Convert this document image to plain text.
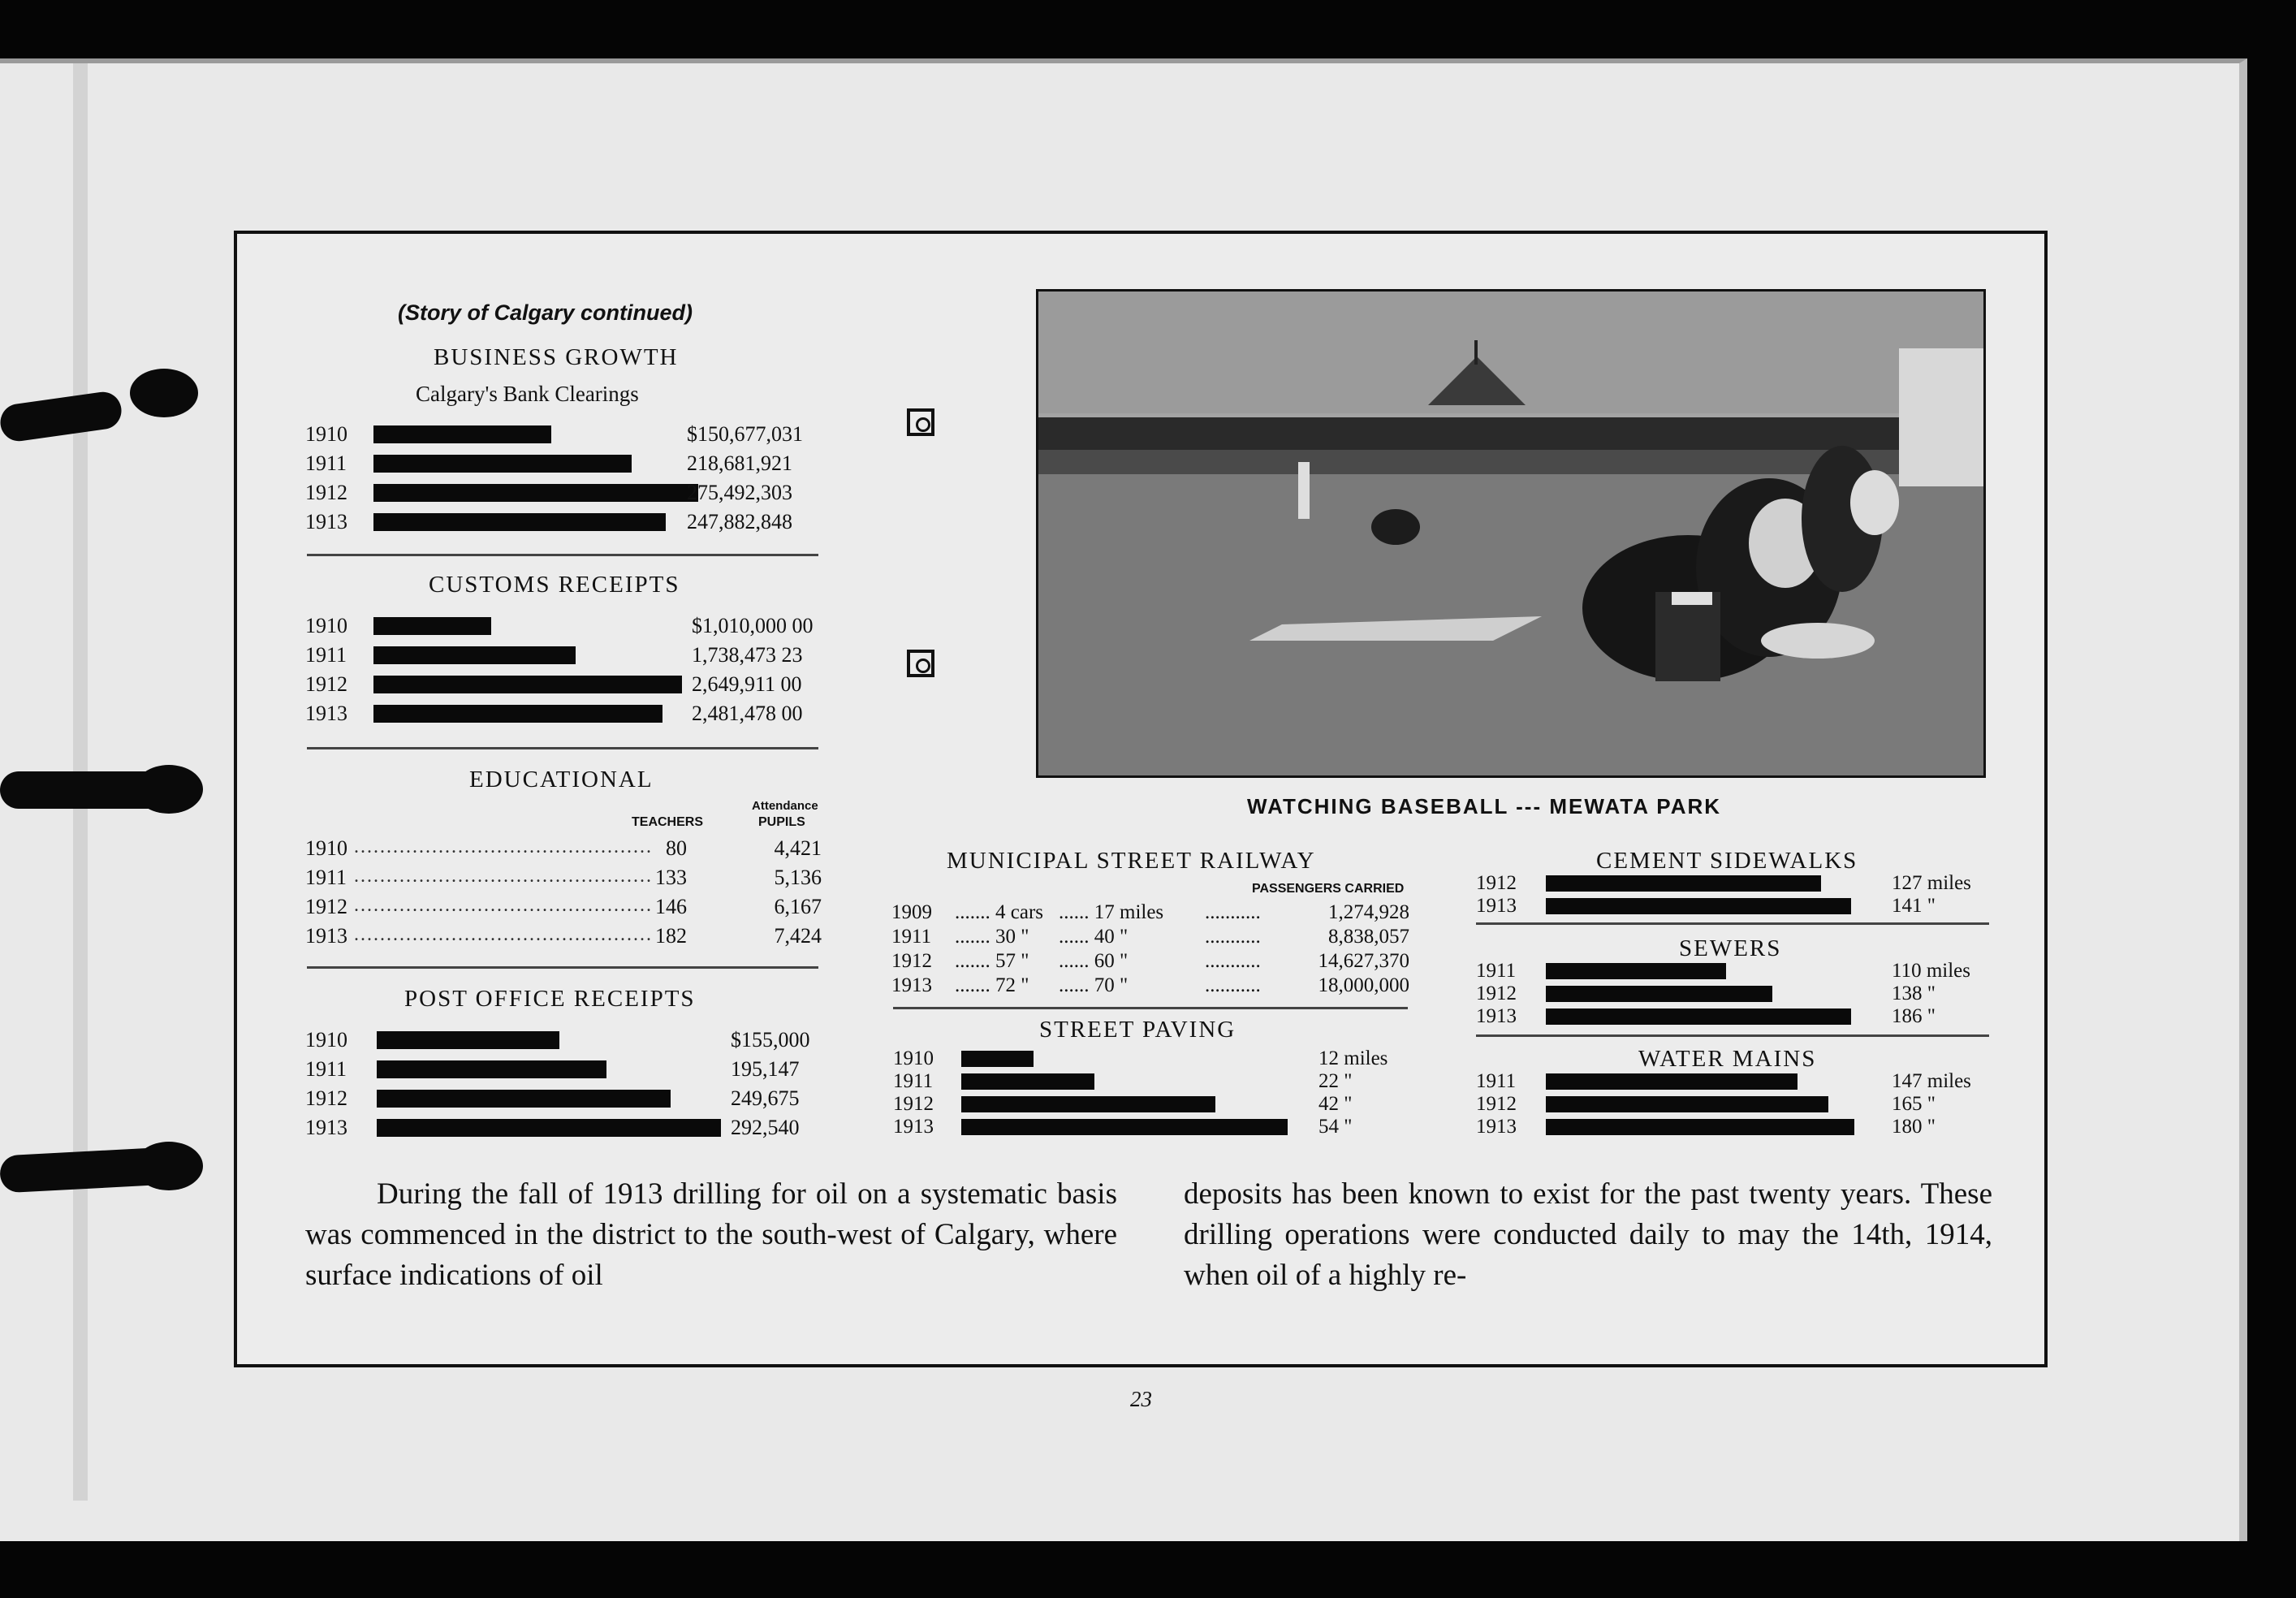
(Story of Calgary continued)
BUSINESS GROWTH
Calgary's Bank Clearings
1910	$150,677,031
1911	218,681,921
1912	275,492,303
1913	247,882,848
CUSTOMS RECEIPTS
1910	$1,010,000 00
1911	1,738,473 23
1912	2,649,911 00
1913	2,481,478 00
EDUCATIONAL
Attendance
TEACHERS	PUPILS
1910 .............................................. 80	4,421
1911 .............................................. 133	5,136
1912 .............................................. 146	6,167
1913 .............................................. 182	7,424
POST OFFICE RECEIPTS
1910	$155,000
1911	195,147
1912	249,675
1913	292,540
WATCHING BASEBALL --- MEWATA PARK
MUNICIPAL STREET RAILWAY
PASSENGERS CARRIED
1909 ....... 4 cars ...... 17 miles ...........	1,274,928
1911 ....... 30 " ...... 40 "	...........	8,838,057
1912 ....... 57 " ...... 60 "	...........	14,627,370
1913 ....... 72 " ...... 70 "	...........	18,000,000
STREET PAVING
1910	12 miles
1911	22 "
1912	42 "
1913	54 "
CEMENT SIDEWALKS
1912	127 miles
1913	141 "
SEWERS
1911	110 miles
1912	138 "
1913	186 "
WATER MAINS
1911	147 miles
1912	165 "
1913	180 "
During the fall of 1913 drilling for oil on a systematic basis was commenced in the district to the south-west of Calgary, where surface indications of oil
deposits has been known to exist for the past twenty years. These drilling operations were conducted daily to may the 14th, 1914, when oil of a highly re-
23
